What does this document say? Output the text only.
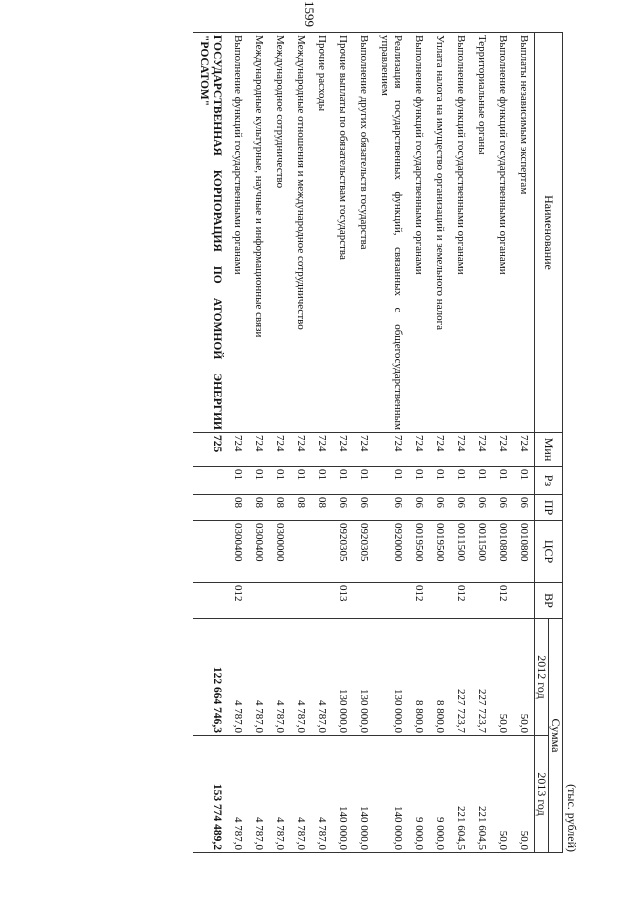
1599
(тыс. рублей)
Наименование	Мин	Рз	ПР	ЦСР	ВР	Сумма	
						2012 год	2013 год
Выплаты независимым экспертам	724	01	06	0010800		50,0	50,0
Выполнение функций государственными органами	724	01	06	0010800	012	50,0	50,0
Территориальные органы	724	01	06	0011500		227 723,7	221 604,5
Выполнение функций государственными органами	724	01	06	0011500	012	227 723,7	221 604,5
Уплата налога на имущество организаций и земельного налога	724	01	06	0019500		8 800,0	9 000,0
Выполнение функций государственными органами	724	01	06	0019500	012	8 800,0	9 000,0
Реализация государственных функций, связанных с общегосударственным управлением	724	01	06	0920000		130 000,0	140 000,0
Выполнение других обязательств государства	724	01	06	0920305		130 000,0	140 000,0
Прочие выплаты по обязательствам государства	724	01	06	0920305	013	130 000,0	140 000,0
Прочие расходы	724	01	08			4 787,0	4 787,0
Международные отношения и международное сотрудничество	724	01	08			4 787,0	4 787,0
Международное сотрудничество	724	01	08	0300000		4 787,0	4 787,0
Международные культурные, научные и информационные связи	724	01	08	0300400		4 787,0	4 787,0
Выполнение функций государственными органами	724	01	08	0300400	012	4 787,0	4 787,0
ГОСУДАРСТВЕННАЯ КОРПОРАЦИЯ ПО АТОМНОЙ ЭНЕРГИИ "РОСАТОМ"	725					122 664 746,3	153 774 489,2
